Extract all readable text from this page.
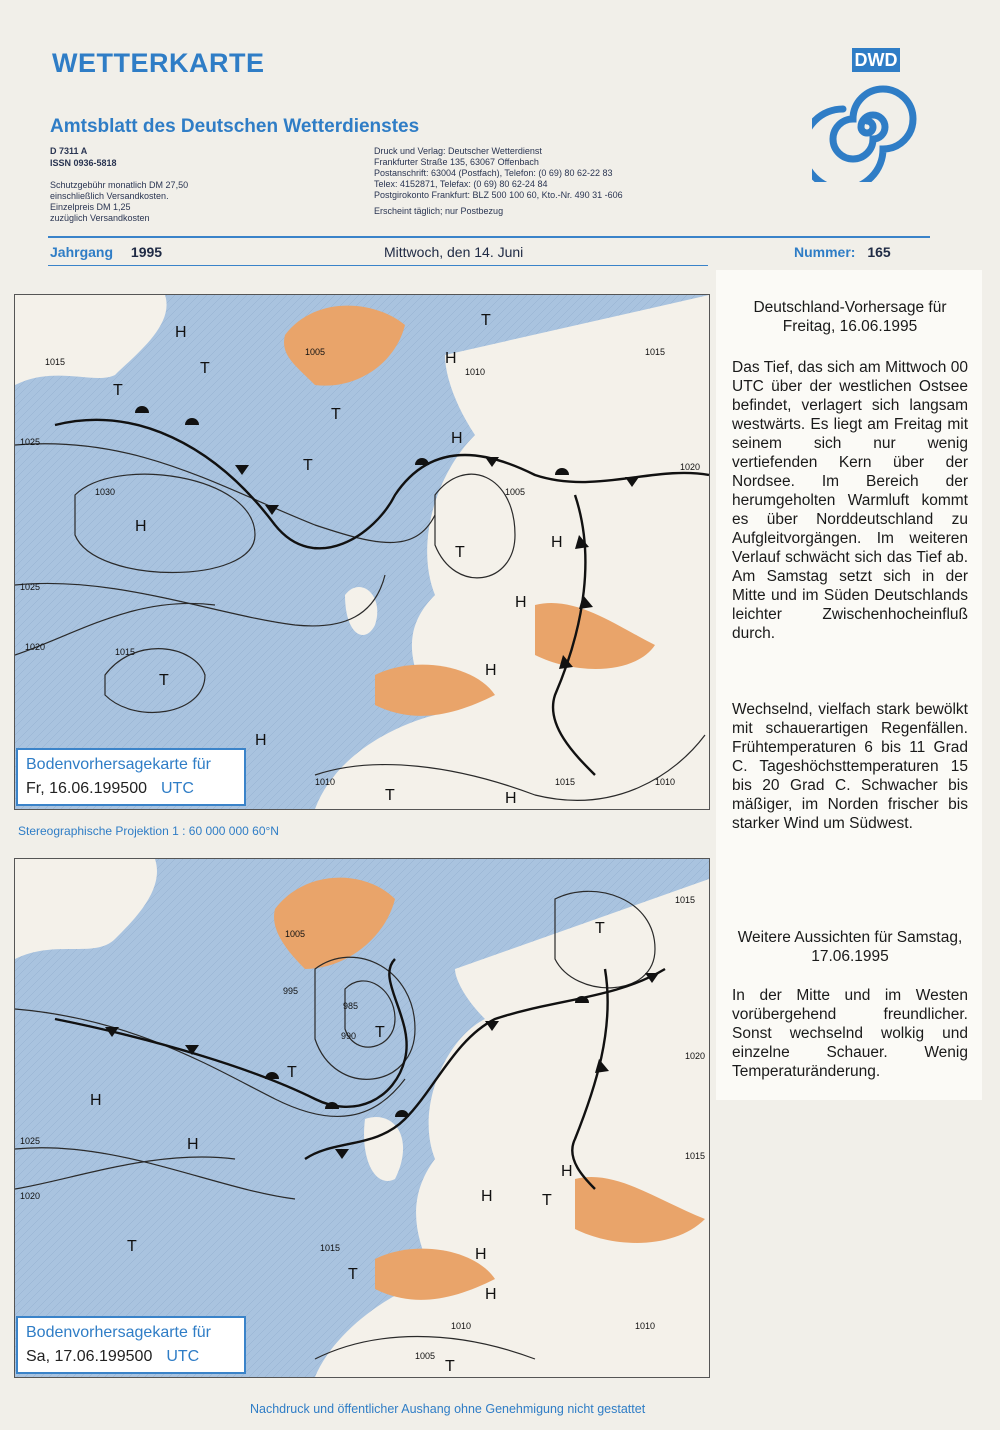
WETTERKARTE
Amtsblatt des Deutschen Wetterdienstes
D 7311 A
ISSN 0936-5818
Schutzgebühr monatlich DM 27,50
einschließlich Versandkosten.
Einzelpreis DM 1,25
zuzüglich Versandkosten
Druck und Verlag: Deutscher Wetterdienst
Frankfurter Straße 135, 63067 Offenbach
Postanschrift: 63004 (Postfach), Telefon: (0 69) 80 62-22 83
Telex: 4152871, Telefax: (0 69) 80 62-24 84
Postgirokonto Frankfurt: BLZ 500 100 60, Kto.-Nr. 490 31 -606
Erscheint täglich; nur Postbezug
DWD
Jahrgang 1995	Mittwoch, den 14. Juni	Nummer: 165
1005
1015
1025
1030
1025
1020	1015
1010
1005
1010
1015
1020
1015	1010
H
H
H
H
H
H
H
H
H
T
T
T
T
T
T
T
T
Bodenvorhersagekarte für
Fr, 16.06.199500 UTC
Stereographische Projektion 1 : 60 000 000 60°N
1005
995
985
990
1025
1020
1015
1010
1015
1020
1015
1010
1005
H
H
H
H
H
H
T
T
T
T
T
T
T
Bodenvorhersagekarte für
Sa, 17.06.199500 UTC
Deutschland-Vorhersage für Freitag, 16.06.1995
Das Tief, das sich am Mittwoch 00 UTC über der westlichen Ostsee befindet, verlagert sich langsam westwärts. Es liegt am Freitag mit seinem sich nur wenig vertiefenden Kern über der Nordsee. Im Bereich der herumgeholten Warmluft kommt es über Norddeutschland zu Aufgleitvorgängen. Im weiteren Verlauf schwächt sich das Tief ab. Am Samstag setzt sich in der Mitte und im Süden Deutschlands leichter Zwischenhocheinfluß durch.
Wechselnd, vielfach stark bewölkt mit schauerartigen Regenfällen. Frühtemperaturen 6 bis 11 Grad C. Tageshöchsttemperaturen 15 bis 20 Grad C. Schwacher bis mäßiger, im Norden frischer bis starker Wind um Südwest.
Weitere Aussichten für Samstag, 17.06.1995
In der Mitte und im Westen vorübergehend freundlicher. Sonst wechselnd wolkig und einzelne Schauer. Wenig Temperaturänderung.
Nachdruck und öffentlicher Aushang ohne Genehmigung nicht gestattet
